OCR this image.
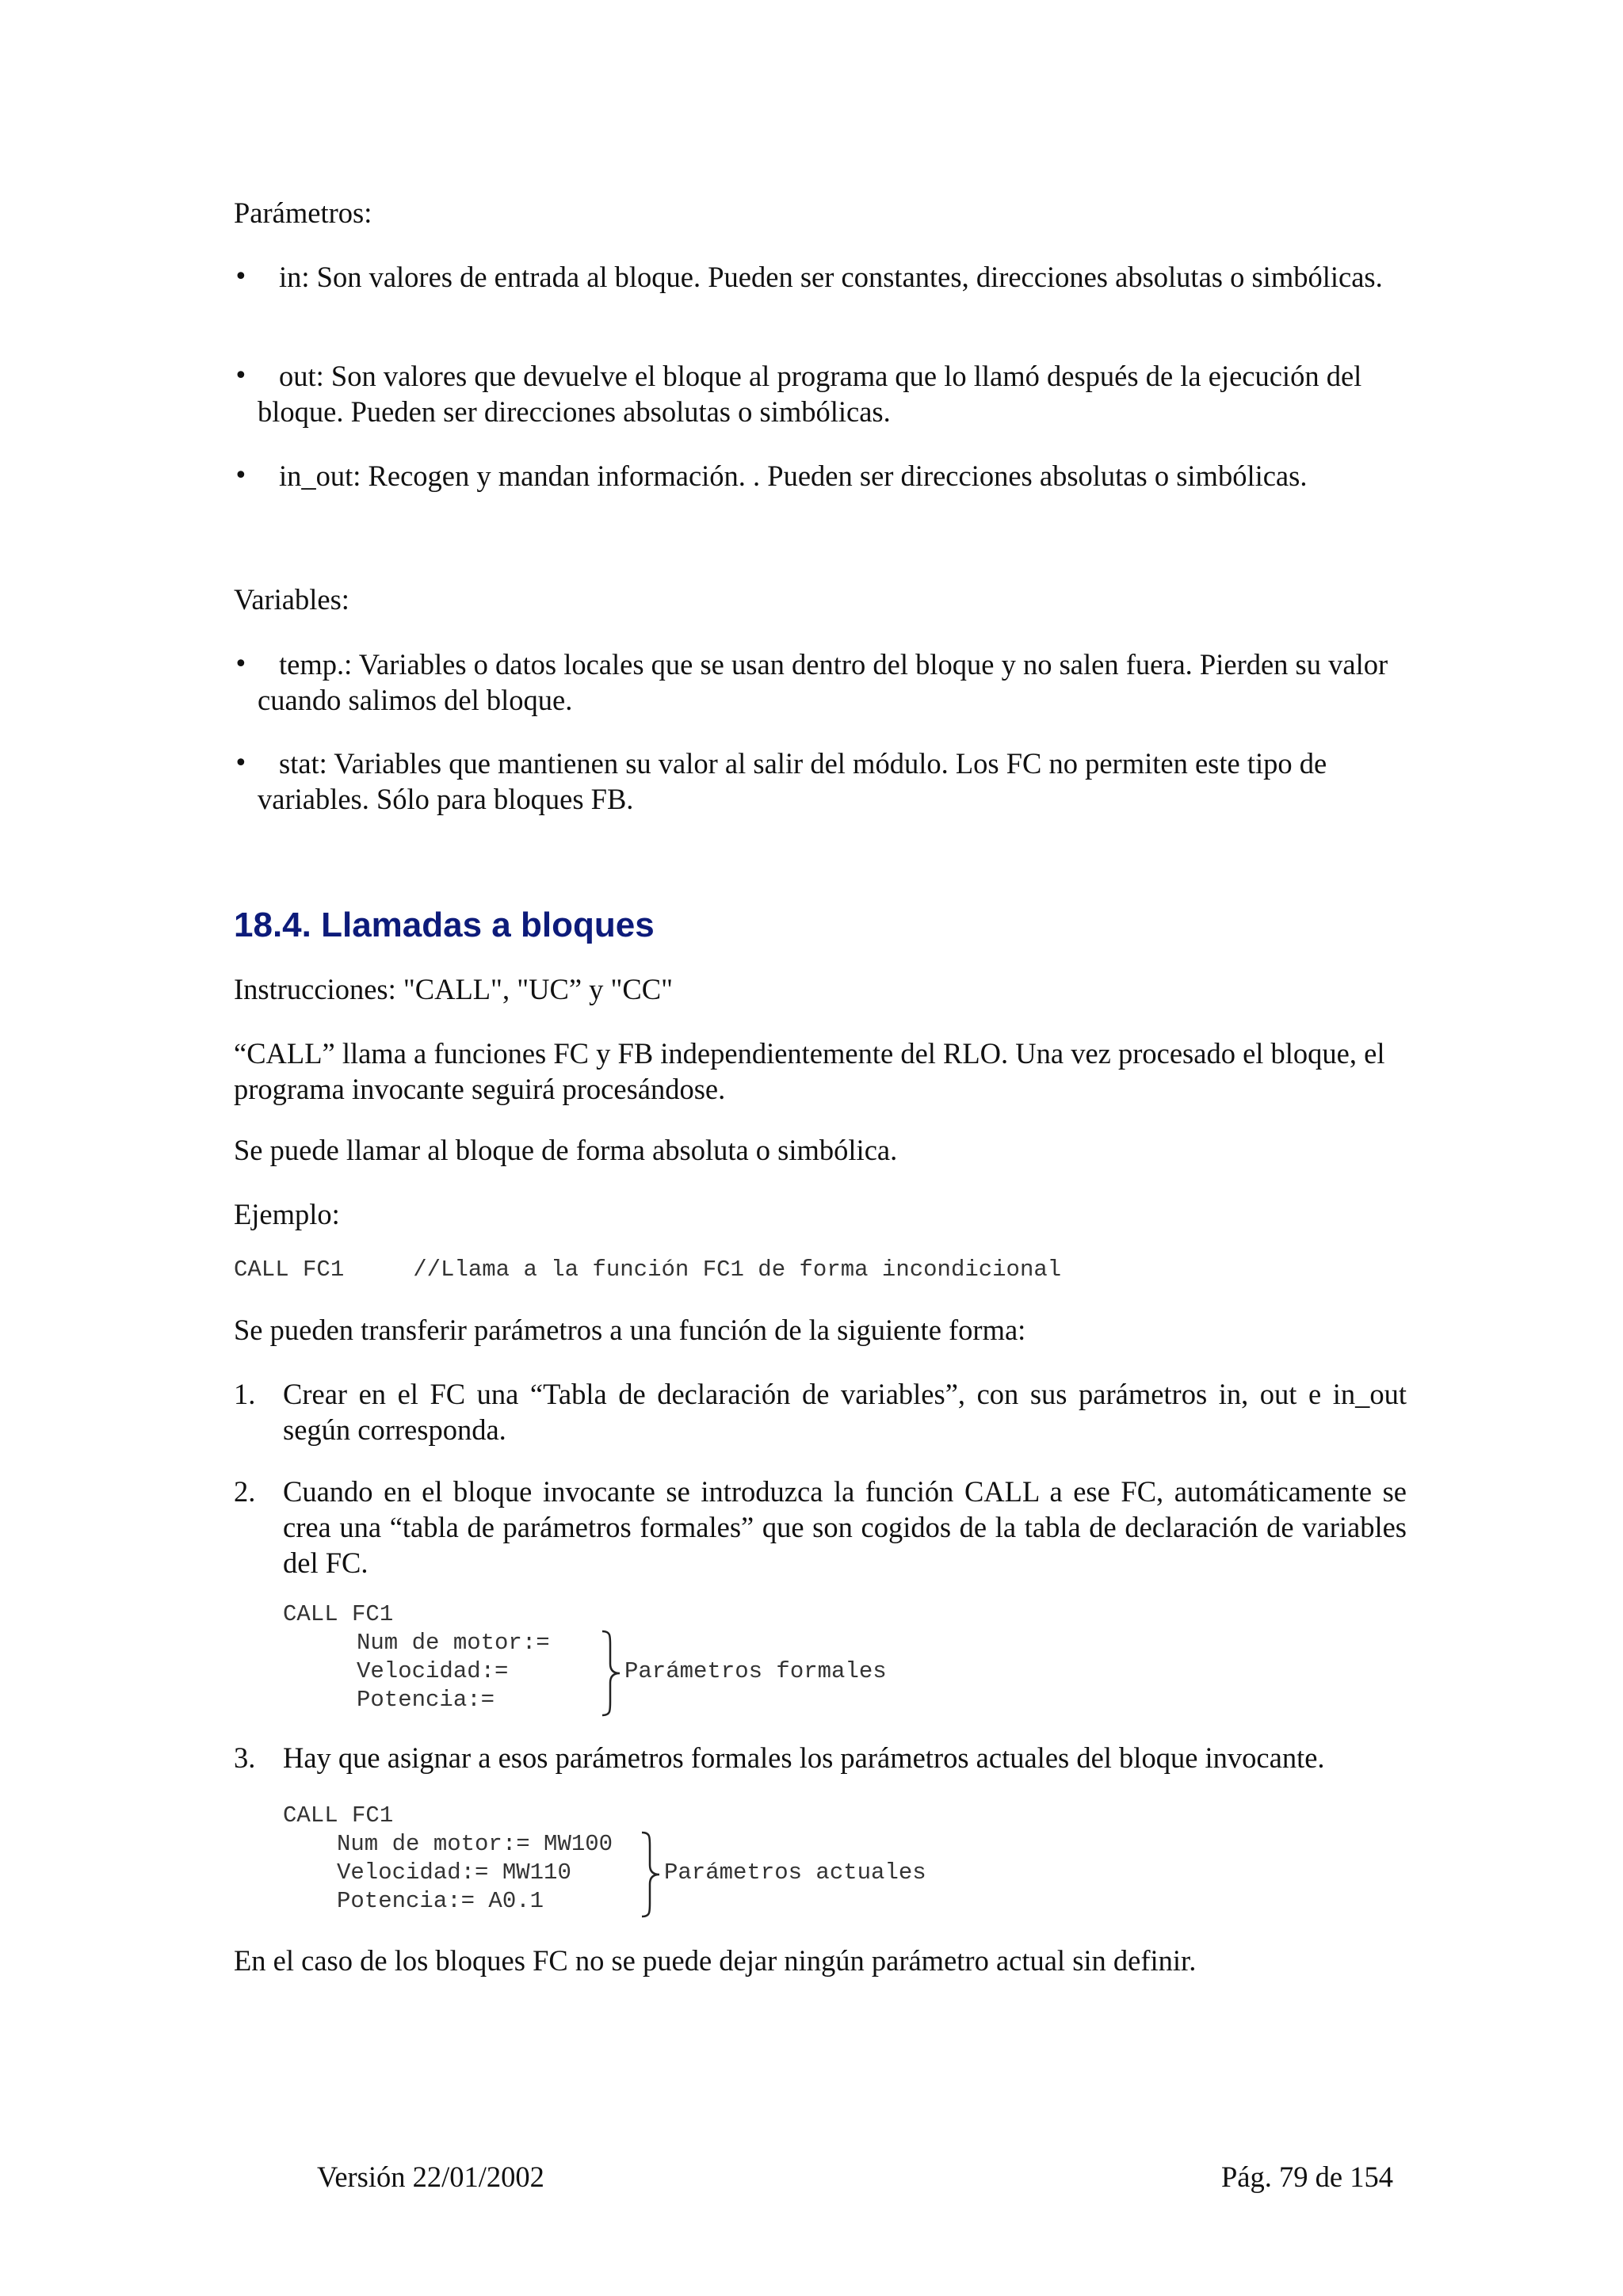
Parámetros:
•	in: Son valores de entrada al bloque. Pueden ser constantes, direcciones absolutas o simbólicas.
•	out: Son valores que devuelve el bloque al programa que lo llamó después de la ejecución del bloque. Pueden ser direcciones absolutas o simbólicas.
•	in_out: Recogen y mandan información. . Pueden ser direcciones absolutas o simbólicas.
Variables:
•	temp.: Variables o datos locales que se usan dentro del bloque y no salen fuera. Pierden su valor cuando salimos del bloque.
•	stat: Variables que mantienen su valor al salir del módulo. Los FC no permiten este tipo de variables. Sólo para bloques FB.
18.4. Llamadas a bloques
Instrucciones: "CALL", "UC” y "CC"
“CALL” llama a funciones FC y FB independientemente del RLO. Una vez procesado el bloque, el programa invocante seguirá procesándose.
Se puede llamar al bloque de forma absoluta o simbólica.
Ejemplo:
CALL FC1     //Llama a la función FC1 de forma incondicional
Se pueden transferir parámetros a una función de la siguiente forma:
1. Crear en el FC una “Tabla de declaración de variables”, con sus parámetros in, out e in_out según corresponda.
2. Cuando en el bloque invocante se introduzca la función CALL a ese FC, automáticamente se crea una “tabla de parámetros formales” que son cogidos de la tabla de declaración de variables del FC.
CALL FC1
Num de motor:=
Velocidad:=
Potencia:=
Parámetros formales
3. Hay que asignar a esos parámetros formales los parámetros actuales del bloque invocante.
CALL FC1
Num de motor:= MW100
Velocidad:= MW110
Potencia:= A0.1
Parámetros actuales
En el caso de los bloques FC no se puede dejar ningún parámetro actual sin definir.
Versión 22/01/2002	Pág. 79 de 154
